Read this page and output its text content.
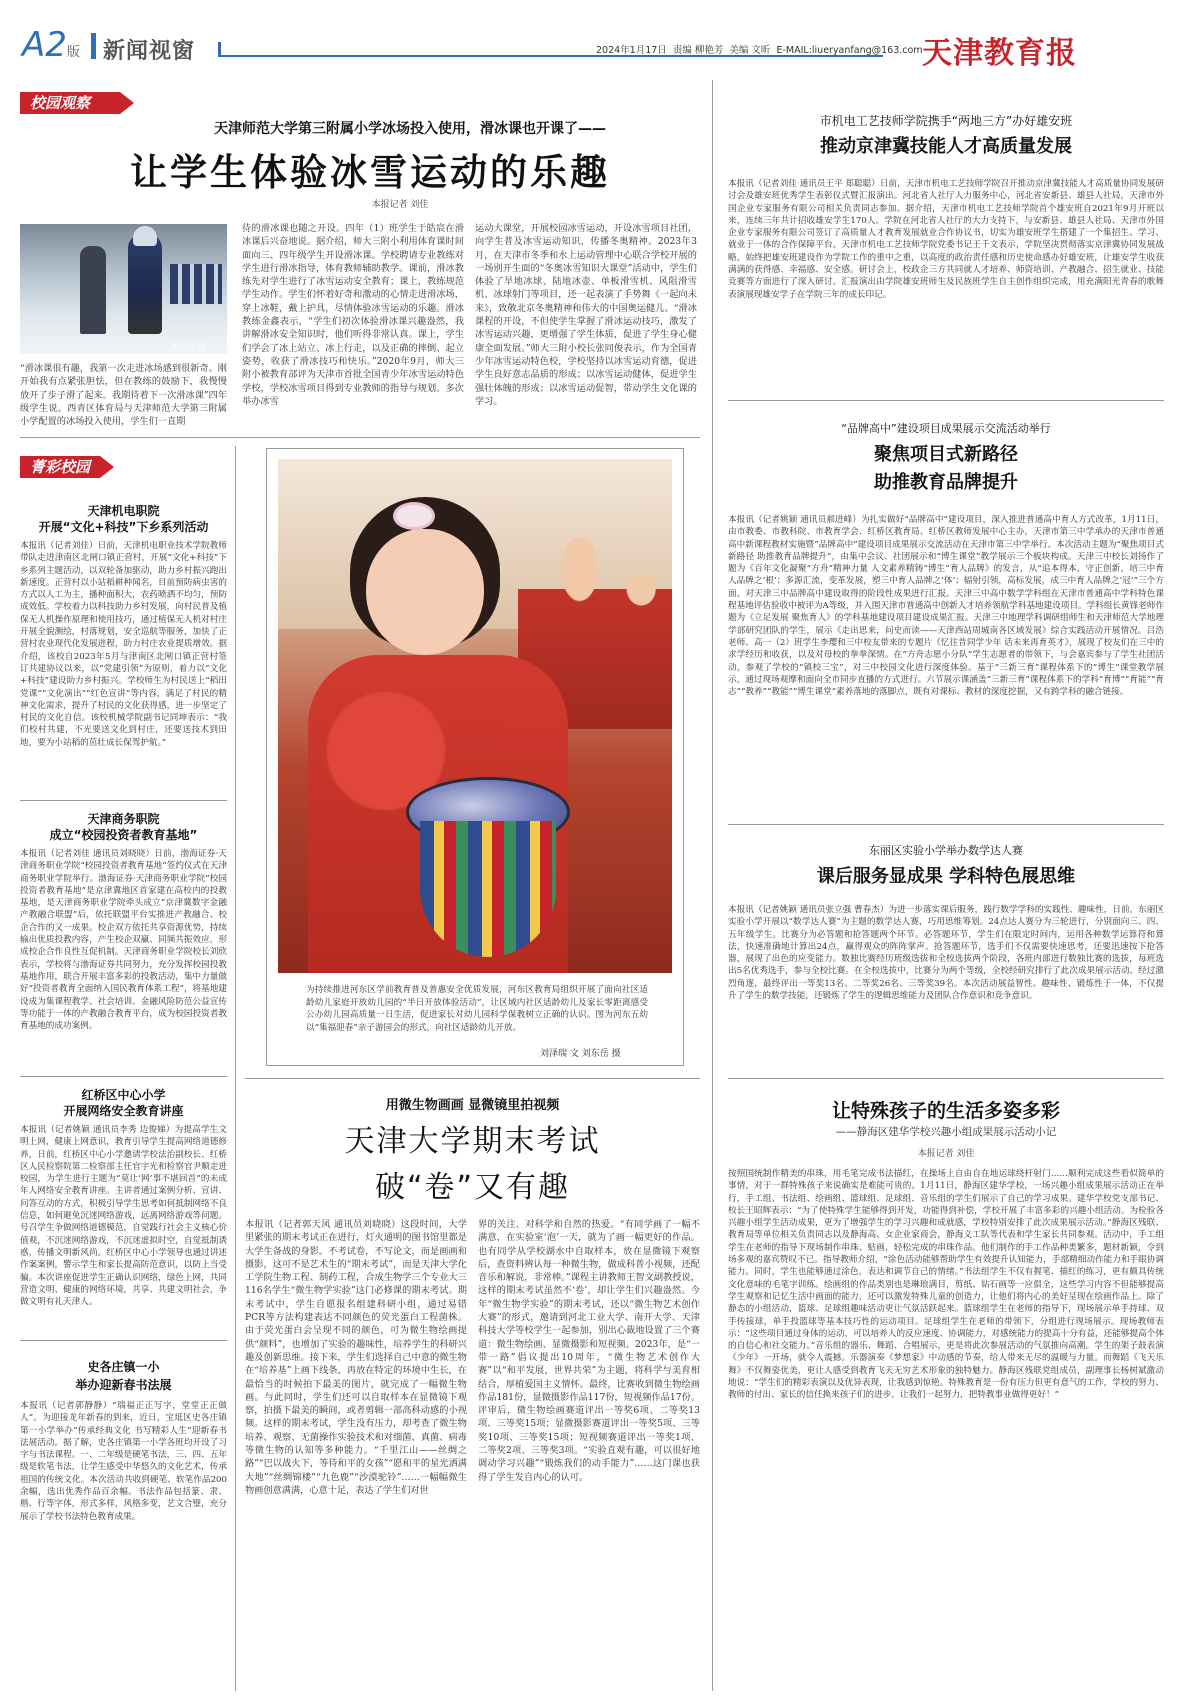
A2版 新闻视窗	2024年1月17日  责编 柳艳芳  美编 文昕  E-MAIL:liueryanfang@163.com 天津教育报
校园观察
天津师范大学第三附属小学冰场投入使用，滑冰课也开课了——
让学生体验冰雪运动的乐趣
本报记者 刘佳
刘东岳 摄
“滑冰课很有趣，我第一次走进冰场感到很新奇。刚开始我有点紧张胆怯，但在教练的鼓励下，我慢慢放开了步子滑了起来。我期待着下一次滑冰课”四年级学生说。西青区体育局与天津师范大学第三附属小学配置的冰场投入使用，学生们一直期
待的滑冰课也随之开设。四年（1）班学生于皓宸在滑冰课后兴奋地说。据介绍，师大三附小利用体育课时间面向三、四年级学生开设滑冰课。学校聘请专业教练对学生进行滑冰指导，体育教师辅助教学。课前，滑冰教练先对学生进行了冰雪运动安全教育；课上，教练规范学生动作。学生们怀着好奇和激动的心情走进滑冰场，穿上冰鞋，戴上护具，尽情体验冰雪运动的乐趣。滑冰教练金鑫表示，“学生们初次体验滑冰课兴趣盎然，我讲解滑冰安全知识时，他们听得非常认真。课上，学生们学会了冰上站立、冰上行走，以及正确的摔倒、起立姿势，收获了滑冰技巧和快乐。”2020年9月，师大三附小被教育部评为天津市首批全国青少年冰雪运动特色学校，学校冰雪项目得到专业教师的指导与规划。多次举办冰雪
运动大课堂，开展校园冰雪运动，开设冰雪项目社团，向学生普及冰雪运动知识，传播冬奥精神。2023年3月，在天津市冬季和水上运动管理中心联合学校开展的一场别开生面的“冬奥冰雪知识大课堂”活动中，学生们体验了旱地冰球、陆地冰壶、单板滑雪机、风阻滑雪机、冰球射门等项目，还一起表演了手势舞《一起向未来》，致敬北京冬奥精神和伟大的中国奥运健儿。“滑冰课程的开设，不但使学生掌握了滑冰运动技巧，激发了冰雪运动兴趣，更增强了学生体质，促进了学生身心健康全面发展。”师大三附小校长张同俊表示，作为全国青少年冰雪运动特色校，学校坚持以冰雪运动育德，促进学生良好意志品质的形成；以冰雪运动健体，促进学生强壮体魄的形成；以冰雪运动促智，带动学生文化课的学习。
菁彩校园
天津机电职院
开展“文化+科技”下乡系列活动
本报讯（记者刘佳）日前，天津机电职业技术学院教师带队走进津南区北闸口镇正营村，开展“文化+科技”下乡系列主题活动，以双轮备加驱动，助力乡村振兴跑出新速度。正营村以小站稻耕种闻名，目前预防病虫害的方式以人工为主，播种面积大，农药喷洒不均匀，预防成效低。学校着力以科技助力乡村发展，向村民普及植保无人机操作原理和使用技巧，通过植保无人机对村庄开展全貌测绘，村落规划，安全巡航等服务，加快了正营村农业现代化发展进程，助力村庄农业提质增效。据介绍，该校自2023年5月与津南区北闸口镇正营村签订共建协议以来，以“党建引领”为原则，着力以“文化+科技”建设助力乡村振兴。学校师生为村民送上“稻田党课”“文化演出”“红色宣讲”等内容，满足了村民的精神文化需求，提升了村民的文化获得感，进一步坚定了村民的文化自信。该校机械学院副书记同坤表示：“我们校村共建，不光要送文化到村庄，还要送技术到田地，要为小站稻的茁壮成长保驾护航。”
天津商务职院
成立“校园投资者教育基地”
本报讯（记者刘佳 通讯员刘晓晓）日前，渤海证券·天津商务职业学院“校园投资者教育基地”签约仪式在天津商务职业学院举行。渤海证券·天津商务职业学院“校园投资者教育基地”是京津冀地区首家建在高校内的投教基地，是天津商务职业学院牵头成立“京津冀数字金融产教融合联盟”后，依托联盟平台实推进产教融合、校企合作的又一成果。校企双方依托共享资源优势，持续输出优质投教内容，产生校企双赢、同频共振效应，形成校企合作良性互促机制。天津商务职业学院校长刘欣表示，学校将与渤海证券共同努力，充分发挥校园投教基地作用，联合开展丰富多彩的投教活动，集中力量做好“投资者教育全面纳入国民教育体系工程”，将基地建设成为集课程教学、社会培训、金融风险防范公益宣传等功能于一体的产教融合教育平台，成为校园投资者教育基地的成功案例。
红桥区中心小学
开展网络安全教育讲座
本报讯（记者姚颖 通讯员李秀 边俊娣）为提高学生文明上网，健康上网意识，教育引导学生提高网络道德修养，日前，红桥区中心小学邀请学校法治副校长、红桥区人民检察院第二检察部主任官宇光和检察官尹顺走进校园，为学生进行主题为“莫让‘网’事不堪回首”的未成年人网络安全教育讲座。主讲者通过案例分析、宣讲、问答互动的方式，积极引导学生思考如何抵制网络不良信息，如何避免沉迷网络游戏，远离网络游戏等问题。号召学生争做网络道德模范，自觉践行社会主义核心价值观，不沉迷网络游戏，不沉迷虚拟时空，自觉抵制诱惑，传播文明新风尚。红桥区中心小学领导也通过讲述作案案例，警示学生和家长提高防范意识，以防上当受骗。本次讲座促进学生正确认识网络，绿色上网，共同营造文明、健康的网络环境，共享、共建文明社会，争做文明有礼天津人。
史各庄镇一小
举办迎新春书法展
本报讯（记者郭静静）“瑞福正正写字，堂堂正正做人”。为迎接龙年新春的到来，近日，宝坻区史各庄镇第一小学举办“传承经典文化 书写精彩人生”迎新春书法展活动。据了解，史各庄镇第一小学各班均开设了习字与书法课程。一、二年级是硬笔书法，三、四、五年级是软笔书法，让学生感受中华悠久的文化艺术，传承祖国的传统文化。本次活动共收到硬笔、软笔作品200余幅，选出优秀作品百余幅。书法作品包括篆、隶、楷、行等字体，形式多样，风格多变，艺文合璧，充分展示了学校书法特色教育成果。
为持续推进河东区学前教育普及普惠安全优质发展，河东区教育局组织开展了面向社区适龄幼儿家庭开放幼儿园的“半日开放体验活动”，让区域内社区适龄幼儿及家长零距离感受公办幼儿园高质量一日生活，促进家长对幼儿园科学保教树立正确的认识。图为河东五幼以“集福迎春”亲子游园会的形式，向社区适龄幼儿开放。
刘泽瑞 文 刘东岳 摄
用微生物画画 显微镜里拍视频
天津大学期末考试
破“卷”又有趣
本报讯（记者郭天风 通讯员刘晓晓）这段时间，大学里紧张的期末考试正在进行，灯火通明的图书馆里都是大学生备战的身影。不考试卷，不写论文，而是画画和摄影，这可不是艺术生的“期末考试”，而是天津大学化工学院生物工程、制药工程，合成生物学三个专业大三116名学生“微生物学实验”这门必修课的期末考试。期末考试中，学生自愿报名组建科研小组，通过易错PCR等方法构建表达不同颜色的荧光蛋白工程菌株。由于荧光蛋白会呈现不同的颜色，可为微生物绘画提供“颜料”，也增加了实验的趣味性，培养学生的科研兴趣及创新思维。接下来，学生们选择自己中意的微生物在“培养基”上画下线条，再放在特定的环境中生长，在最恰当的时候拍下最美的图片，就完成了一幅微生物画。与此同时，学生们还可以自取样本在显微镜下观察，拍摄下最美的瞬间，或者剪辑一部高科动感的小视频。这样的期末考试，学生没有压力，却考查了微生物培养、观察、无菌操作实验技术和对细菌、真菌、病毒等微生物的认知等多种能力。“千里江山——丝绸之路”“巴以战火下，等待和平的女孩”“愿和平的星光洒满大地”“丝绸锦楼”“九色鹿”“沙漠驼铃”……一幅幅微生物画创意满满，心意十足，表达了学生们对世
界的关注、对科学和自然的热爱。“有同学画了一幅不满意，在实验室‘泡’一天，就为了画一幅更好的作品。也有同学从学校湖水中自取样本，放在显微镜下观察后，查资料辨认每一种微生物，做成科普小视频，还配音乐和解说，非常棒。”课程主讲教师王智文副教授说，这样的期末考试虽然不‘卷’，却让学生们兴趣盎然。今年“微生物学实验”的期末考试，还以“微生物艺术创作大赛”的形式，邀请到河北工业大学、南开大学、天津科技大学等校学生一起参加，别出心裁地设置了三个赛道：微生物绘画、显微摄影和短视频。2023年，是“一带一路”倡议提出10周年，“微生物艺术创作大赛”以“和平发展，世界共荣”为主题，将科学与美育相结合，厚植爱国主义情怀。最终，比赛收到微生物绘画作品181份，显微摄影作品117份，短视频作品17份。评审后，微生物绘画赛道评出一等奖6项、二等奖13项、三等奖15项；显微摄影赛道评出一等奖5项、三等奖10项、三等奖15项；短视频赛道评出一等奖1项、二等奖2项、三等奖3项。“实验直观有趣，可以很好地调动学习兴趣”“锻炼我们的动手能力”……这门课也获得了学生发自内心的认可。
市机电工艺技师学院携手“两地三方”办好雄安班
推动京津冀技能人才高质量发展
本报讯（记者刘佳 通讯员王平 郑聪聪）日前，天津市机电工艺技师学院召开推动京津冀技能人才高质量协同发展研讨会及雄安班优秀学生表彰仪式暨汇报演出。河北省人社厅人力服务中心，河北省安新县、雄县人社局，天津市外国企业专家服务有限公司相关负责同志参加。据介绍，天津市机电工艺技师学院首个雄安班自2021年9月开班以来，连续三年共计招收雄安学生170人。学院在河北省人社厅的大力支持下，与安新县、雄县人社局、天津市外国企业专家服务有限公司签订了高质量人才教育发展就业合作协议书，切实为雄安班学生搭建了一个集招生、学习、就业于一体的合作保障平台。天津市机电工艺技师学院党委书记王千文表示，学院坚决贯彻落实京津冀协同发展战略，始终把雄安班建设作为学院工作的重中之重，以高度的政治责任感和历史使命感办好雄安班，让雄安学生收获满满的获得感、幸福感、安全感。研讨会上，校政企三方共同就人才培养、师资培训、产教融合、招生就业、技能竞赛等方面进行了深入研讨。汇报演出由学院雄安班师生及民族班学生自主创作组织完成，用充满阳光青春的歌舞表演展现雄安学子在学院三年的成长印记。
“品牌高中”建设项目成果展示交流活动举行
聚焦项目式新路径
助推教育品牌提升
本报讯（记者姚颖 通讯员郝进峰）为扎实做好“品牌高中”建设项目，深入推进普通高中育人方式改革，1月11日，由市教委、市教科院、市教育学会、红桥区教育局、红桥区教师发展中心主办，天津市第三中学承办的天津市普通高中新课程教材实施暨“品牌高中”建设项目成果展示交流活动在天津市第三中学举行。本次活动主题为“聚焦项目式新路径 助推教育品牌提升”，由集中会议、社团展示和“博生课堂”教学展示三个板块构成。天津三中校长刘扬作了题为《百年文化凝聚“方舟”精神力量 人文素养精铸“博生”育人品牌》的发言，从“追本得本，守正创新，培三中育人品牌之‘根’；多源汇流，变革发展，塑三中育人品牌之‘体’；辐射引领，高标发展，成三中育人品牌之‘冠’”三个方面，对天津三中品牌高中建设取得的阶段性成果进行汇报。天津三中高中数学学科组在天津市普通高中学科特色课程基地评估验收中被评为A等级，并入围天津市普通高中创新人才培养领航学科基地建设项目。学科组长黄锋老师作题为《立足发展 聚焦育人》的学科基地建设项目建设成果汇报。天津三中地理学科调研组师生和天津师范大学地理学部研究团队的学生，展示《走出思来，问史而读——天津西站周城南各区域发展》综合实践活动开展情况。吕浩老师、高一（2）班学生李璎和三中校友带来的专题片《忆往昔同学少年 话未来再育英才》，展现了校友们在三中的求学经历和收获，以及对母校的拳拳深情。在“方舟志愿小分队”学生志愿者的带领下，与会嘉宾参与了学生社团活动，参观了学校的“镇校三宝”，对三中校园文化进行深度体验。基于“三新三育”课程体系下的“博生”课堂教学展示，通过现场观摩和面向全市同步直播的方式进行。六节展示课涵盖“三新三育”课程体系下的学科“育博”“育能”“育志”“教养”“教能”“博生课堂”素养落地的落脚点，既有对课标、教材的深度挖掘，又有跨学科的融合链接。
东丽区实验小学举办数学达人赛
课后服务显成果 学科特色展思维
本报讯（记者姚颖 通讯员张立强 曹春杰）为进一步落实课后服务，践行数学学科的实践性、趣味性，日前，东丽区实验小学开展以“数学达人赛”为主题的数学达人赛，巧用思维筹划。24点达人赛分为三轮进行，分别面向三、四、五年级学生。比赛分为必答题和抢答题两个环节。必答题环节，学生们在限定时间内，运用各种数学运算符和算法，快速准确地计算出24点，赢得观众的阵阵掌声。抢答题环节，选手们不仅需要快速思考，还要迅速按下抢答器，展现了出色的应变能力。数独比赛经历班级选拔和全校选拔两个阶段，各班内部进行数独比赛的选拔，每班选出5名优秀选手，参与全校比赛。在全校选拔中，比赛分为两个等级，全校经研究排行了此次成果展示活动。经过激烈角逐，最终评出一等奖13名、二等奖26名、三等奖39名。本次活动展益智性、趣味性、锻炼性于一体，不仅提升了学生的数学技能，还锻炼了学生的逻辑思维能力及团队合作意识和竞争意识。
让特殊孩子的生活多姿多彩
——静海区建华学校兴趣小组成果展示活动小记
本报记者 刘佳
按照国统制作精美的串珠，用毛笔完成书法描红，在操场上自由自在地运球绕杆射门……顺利完成这些看似简单的事情，对于一群特殊孩子来说确实是难能可贵的。1月11日，静海区建华学校，一场兴趣小组成果展示活动正在举行，手工组、书法组、绘画组、篮球组、足球组、音乐组的学生们展示了自己的学习成果。建华学校党支部书记、校长王昭辉表示：“为了使特殊学生能够得到开发，功能得到补偿，学校开展了丰富多彩的兴趣小组活动。为检验各兴趣小组学生活动成果，更为了增强学生的学习兴趣和成就感，学校特别安排了此次成果展示活动。”静海区残联、教育局等单位相关负责同志以及静海高、女企业家商会，静海义工队等代表和学生家长共同参观。活动中，手工组学生在老师的指导下现场制作串珠、贴画，轻松完成的串珠作品。他们制作的手工作品种类繁多，题材新颖，令到场多观的嘉宾赞叹不已。指导教师介绍，“涂色活动能够帮助学生有效提升认知能力，手部精细动作能力和手眼协调能力。同时，学生也能够通过涂色，表达和调节自己的情绪。”书法组学生不仅有握笔、描红的练习，更有颇具传统文化意味的毛笔字训练。绘画组的作品类别也是琳琅满目，剪纸、钻石画等一应俱全，这些学习内容不但能够提高学生观察和记忆生活中画面的能力，还可以激发特殊儿童的创造力，让他们将内心的美好呈现在绘画作品上。除了静态的小组活动，篮球、足球组趣味活动更让气氛活跃起来。篮球组学生在老师的指导下，现场展示单手持球、双手传接球，单手投篮球等基本技巧性的运动项目。足球组学生在老师的带领下，分组进行现场展示。现场教师表示：“这些项目通过身体的运动，可以培养人的反应速度、协调能力，对感统能力的提高十分有益，还能够提高个体的自信心和社交能力。”音乐组的器乐、舞蹈、合唱展示，更是将此次参展活动的气氛推向高潮。学生的架子鼓表演《少年》一开场，就令人震撼。乐器演奏《梦想家》中动感的节奏，给人带来无尽的温暖与力量。而舞蹈《飞天乐舞》不仅舞姿优美，更让人感受到教育飞天无穷艺术形象的独特魅力。静海区残联党组成员，副理事长杨树斌激动地说：“学生们的精彩表演以及优异表现，让我感到惊艳。特殊教育是一份有压力但更有意气的工作，学校的努力、教师的付出、家长的信任换来孩子们的进步。让我们一起努力，把特教事业做得更好！”
